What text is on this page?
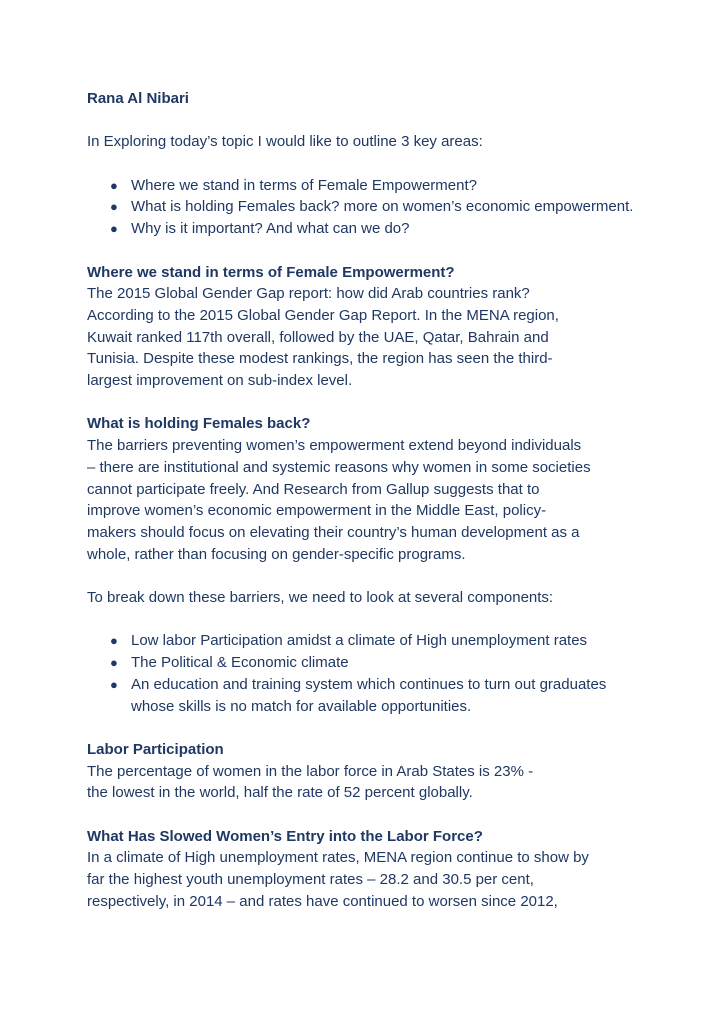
Rana Al Nibari

In Exploring today’s topic I would like to outline 3 key areas:

● Where we stand in terms of Female Empowerment?
● What is holding Females back? more on women’s economic empowerment.
● Why is it important? And what can we do?

Where we stand in terms of Female Empowerment?

The 2015 Global Gender Gap report: how did Arab countries rank?

According to the 2015 Global Gender Gap Report. In the MENA region,

Kuwait ranked 117th overall, followed by the UAE, Qatar, Bahrain and

Tunisia. Despite these modest rankings, the region has seen the third-

largest improvement on sub-index level.

What is holding Females back?

The barriers preventing women’s empowerment extend beyond individuals

– there are institutional and systemic reasons why women in some societies

cannot participate freely. And Research from Gallup suggests that to

improve women’s economic empowerment in the Middle East, policy-

makers should focus on elevating their country’s human development as a

whole, rather than focusing on gender-specific programs.

To break down these barriers, we need to look at several components:

● Low labor Participation amidst a climate of High unemployment rates
● The Political & Economic climate
● An education and training system which continues to turn out graduates whose skills is no match for available opportunities.

Labor Participation

The percentage of women in the labor force in Arab States is 23% -

the lowest in the world, half the rate of 52 percent globally.

What Has Slowed Women’s Entry into the Labor Force?

In a climate of High unemployment rates, MENA region continue to show by

far the highest youth unemployment rates – 28.2 and 30.5 per cent,

respectively, in 2014 – and rates have continued to worsen since 2012,
